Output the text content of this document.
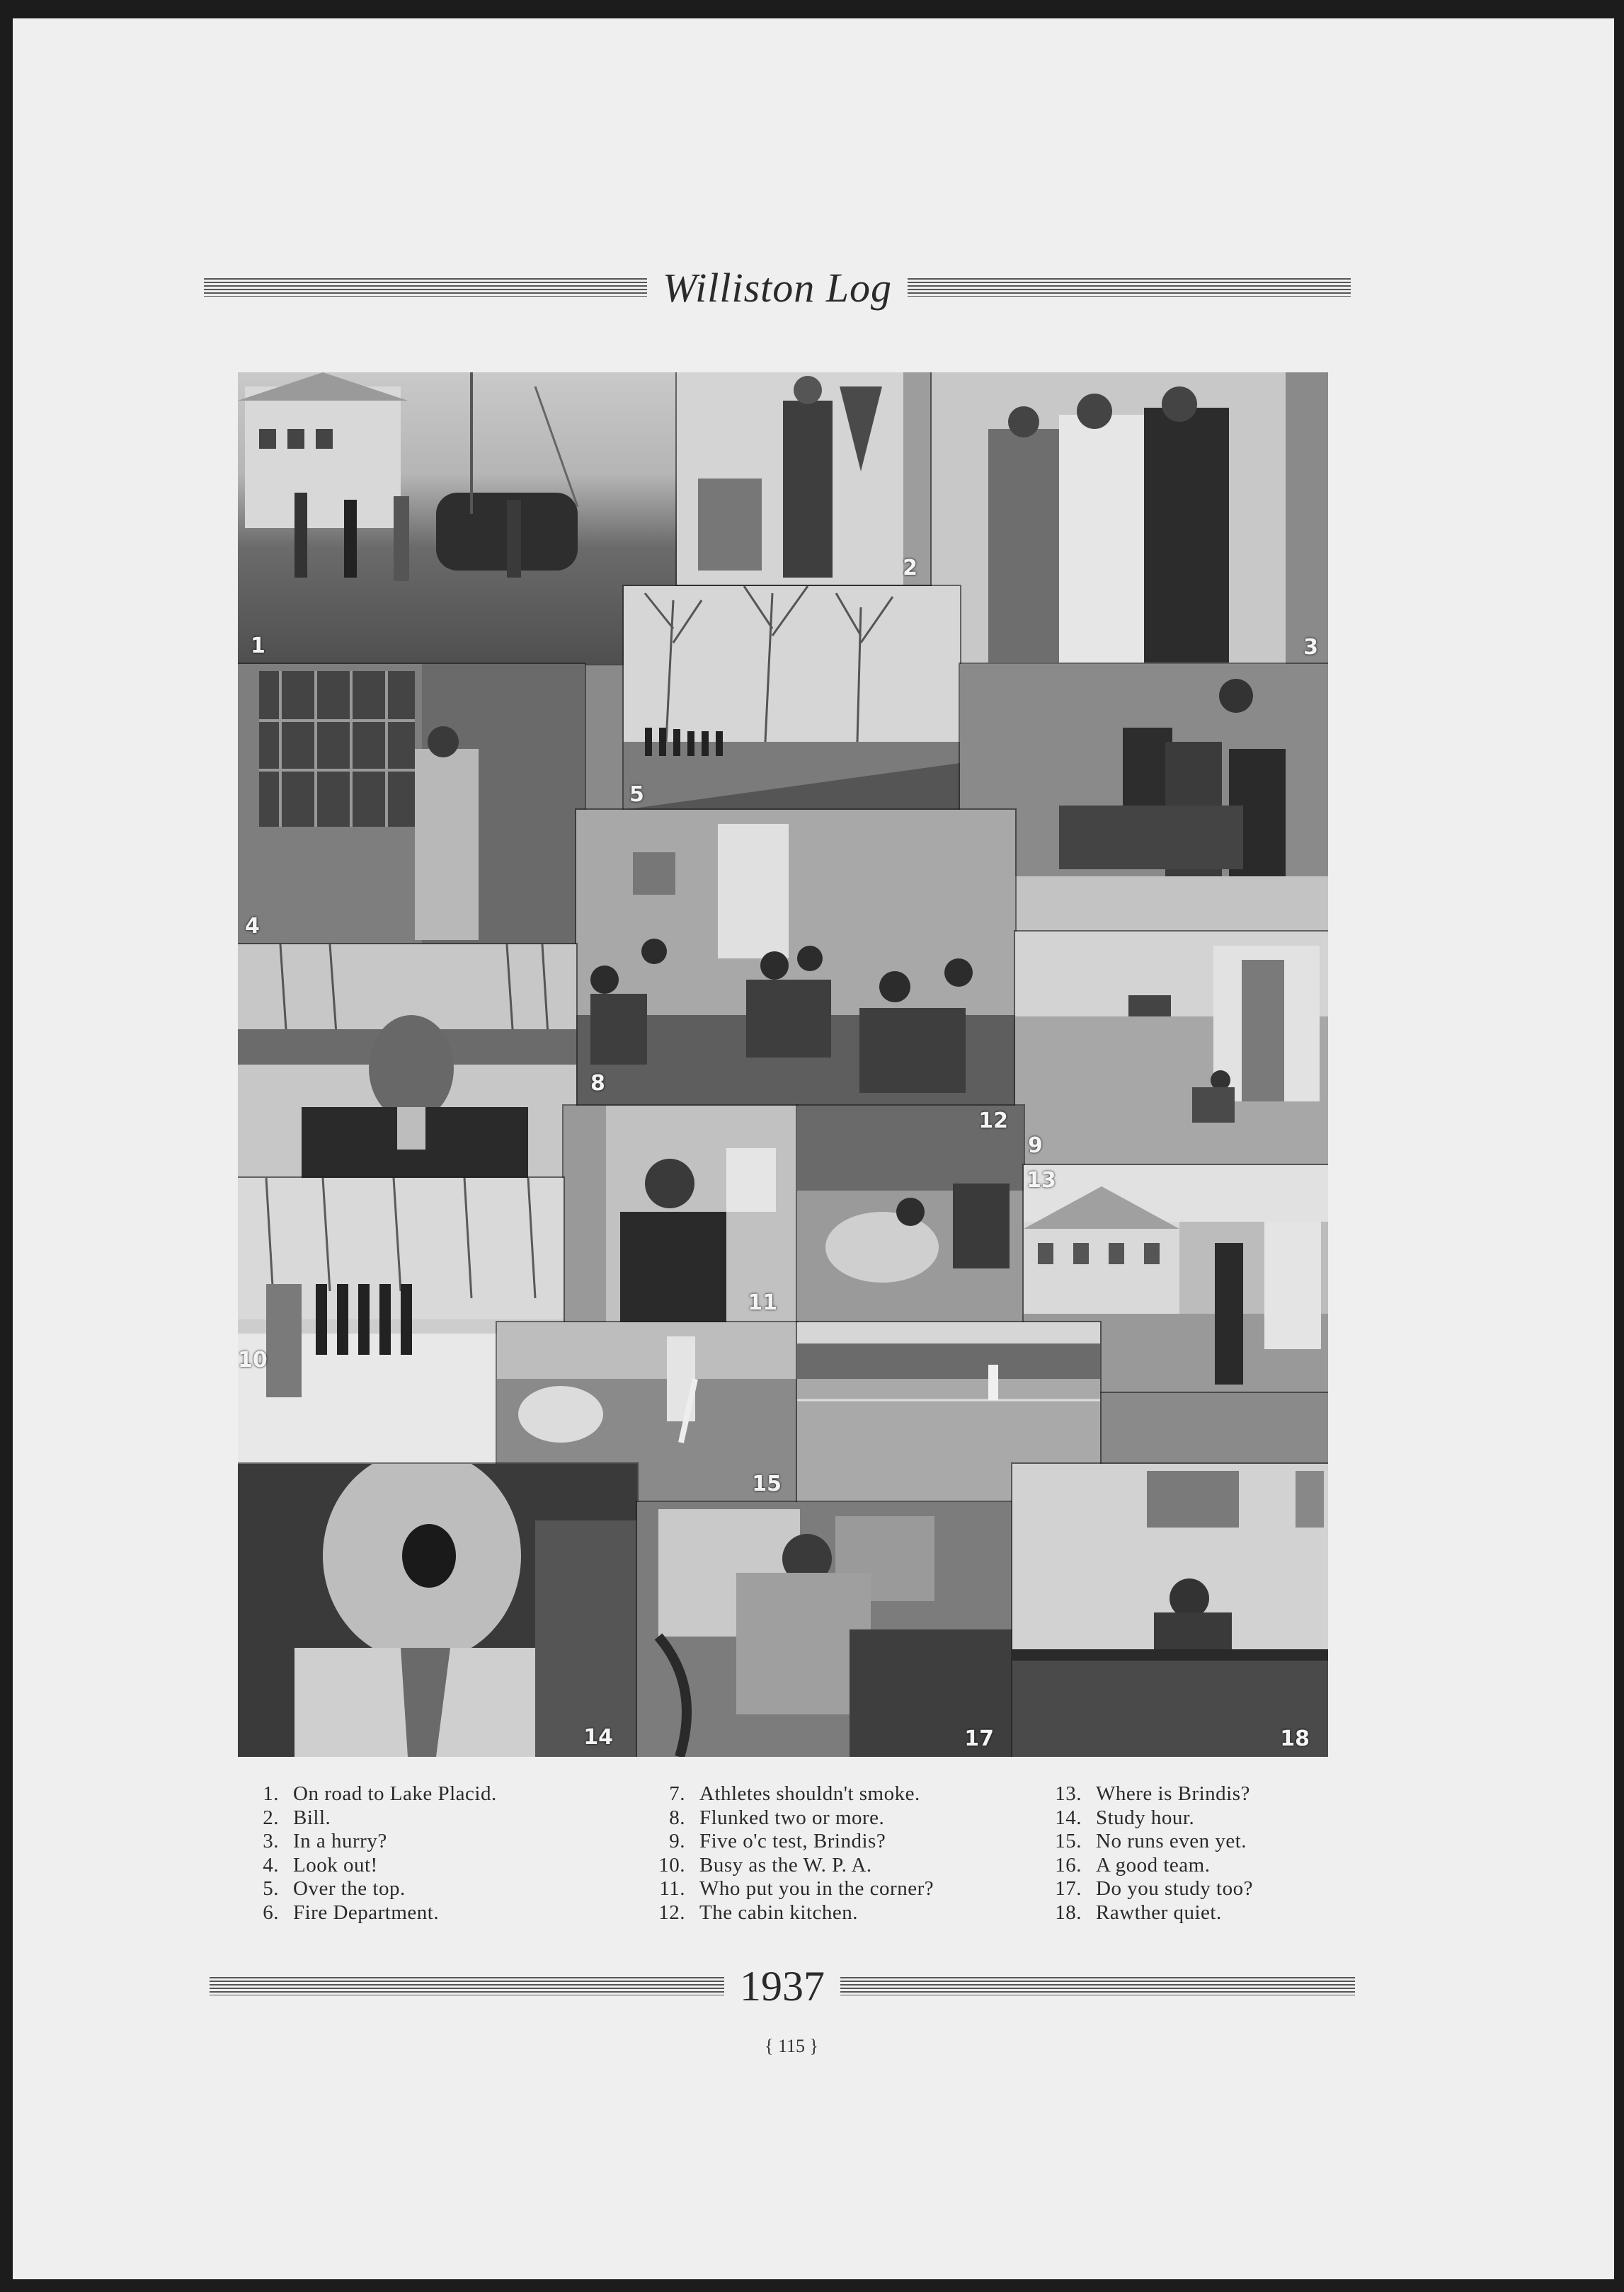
Williston Log
1
2
3
4
5
8
9
11
12
13
10
15
14	17	18
1. On road to Lake Placid.
2. Bill.
3. In a hurry?
4. Look out!
5. Over the top.
6. Fire Department.
7. Athletes shouldn't smoke.
8. Flunked two or more.
9. Five o'c test, Brindis?
10. Busy as the W. P. A.
11. Who put you in the corner?
12. The cabin kitchen.
13. Where is Brindis?
14. Study hour.
15. No runs even yet.
16. A good team.
17. Do you study too?
18. Rawther quiet.
1937
{ 115 }
